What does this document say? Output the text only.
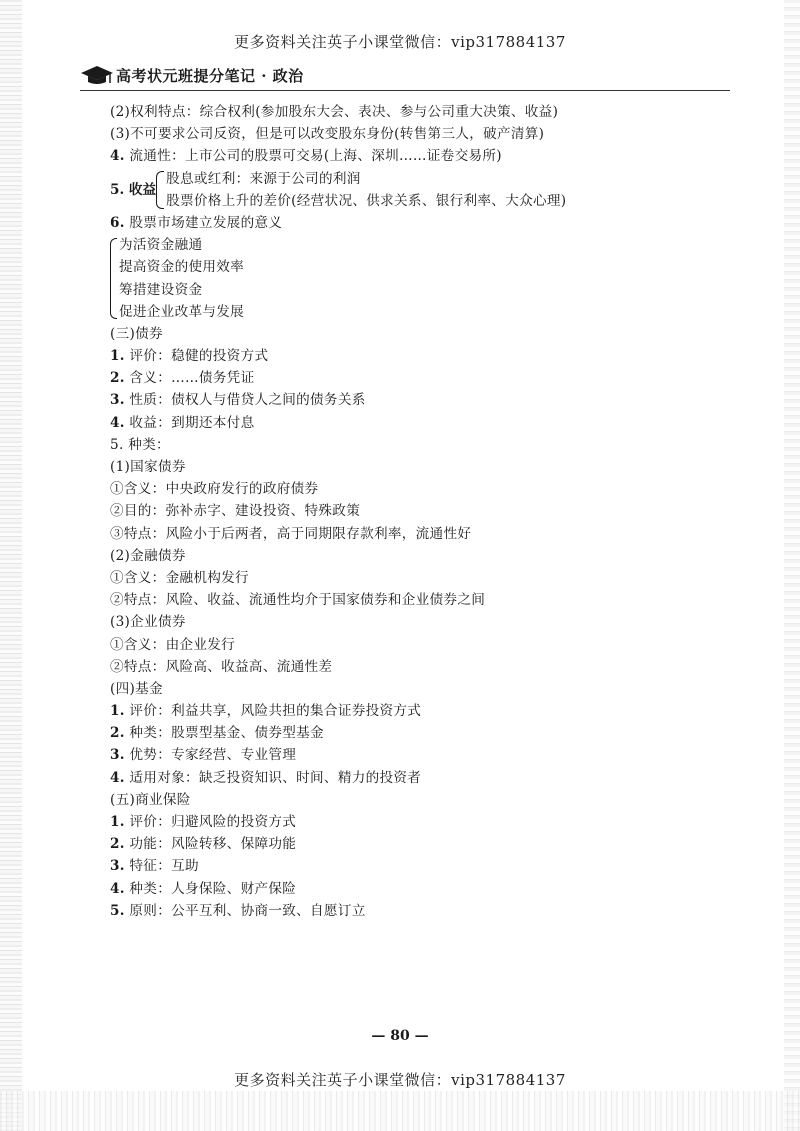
更多资料关注英子小课堂微信：vip317884137
高考状元班提分笔记 · 政治
(2)权利特点：综合权利(参加股东大会、表决、参与公司重大决策、收益)
(3)不可要求公司反资，但是可以改变股东身份(转售第三人，破产清算)
4. 流通性：上市公司的股票可交易(上海、深圳……证卷交易所)
5. 收益
股息或红利：来源于公司的利润
股票价格上升的差价(经营状况、供求关系、银行利率、大众心理)
6. 股票市场建立发展的意义
为活资金融通
提高资金的使用效率
筹措建设资金
促进企业改革与发展
(三)债券
1. 评价：稳健的投资方式
2. 含义：……债务凭证
3. 性质：债权人与借贷人之间的债务关系
4. 收益：到期还本付息
5. 种类：
(1)国家债券
①含义：中央政府发行的政府债券
②目的：弥补赤字、建设投资、特殊政策
③特点：风险小于后两者，高于同期限存款利率，流通性好
(2)金融债券
①含义：金融机构发行
②特点：风险、收益、流通性均介于国家债券和企业债券之间
(3)企业债券
①含义：由企业发行
②特点：风险高、收益高、流通性差
(四)基金
1. 评价：利益共享，风险共担的集合证券投资方式
2. 种类：股票型基金、债券型基金
3. 优势：专家经营、专业管理
4. 适用对象：缺乏投资知识、时间、精力的投资者
(五)商业保险
1. 评价：归避风险的投资方式
2. 功能：风险转移、保障功能
3. 特征：互助
4. 种类：人身保险、财产保险
5. 原则：公平互利、协商一致、自愿订立
— 80 —
更多资料关注英子小课堂微信：vip317884137
